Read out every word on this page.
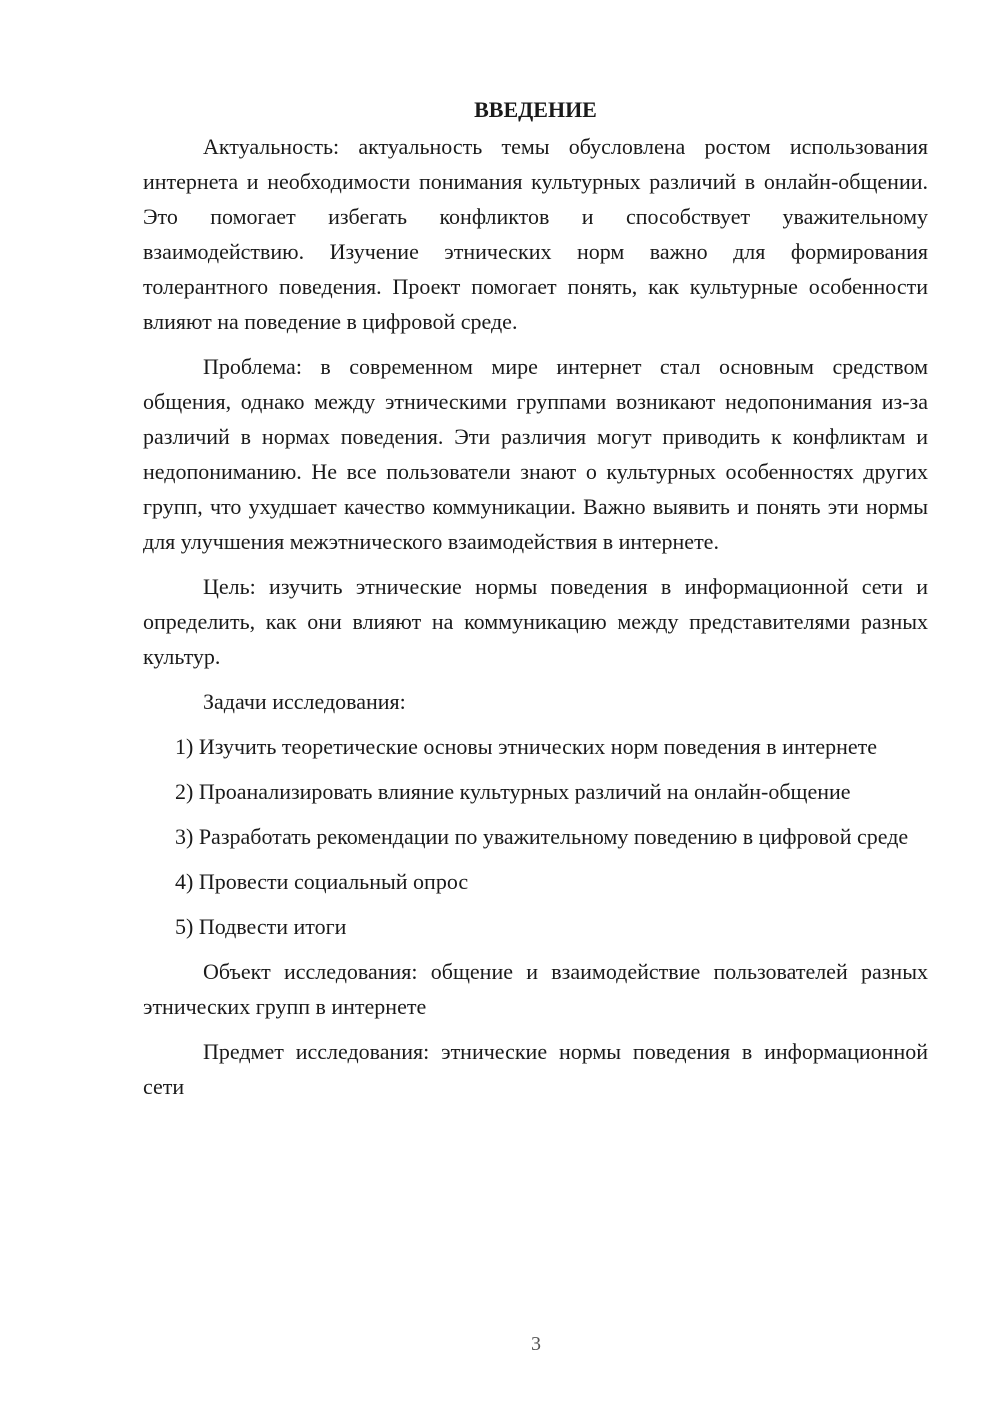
ВВЕДЕНИЕ

Актуальность: актуальность темы обусловлена ростом использования интернета и необходимости понимания культурных различий в онлайн-общении. Это помогает избегать конфликтов и способствует уважительному взаимодействию. Изучение этнических норм важно для формирования толерантного поведения. Проект помогает понять, как культурные особенности влияют на поведение в цифровой среде.

Проблема: в современном мире интернет стал основным средством общения, однако между этническими группами возникают недопонимания из-за различий в нормах поведения. Эти различия могут приводить к конфликтам и недопониманию. Не все пользователи знают о культурных особенностях других групп, что ухудшает качество коммуникации. Важно выявить и понять эти нормы для улучшения межэтнического взаимодействия в интернете.

Цель: изучить этнические нормы поведения в информационной сети и определить, как они влияют на коммуникацию между представителями разных культур.

Задачи исследования:

1) Изучить теоретические основы этнических норм поведения в интернете

2) Проанализировать влияние культурных различий на онлайн-общение

3) Разработать рекомендации по уважительному поведению в цифровой среде

4) Провести социальный опрос

5) Подвести итоги

Объект исследования: общение и взаимодействие пользователей разных этнических групп в интернете

Предмет исследования: этнические нормы поведения в информационной сети

3
